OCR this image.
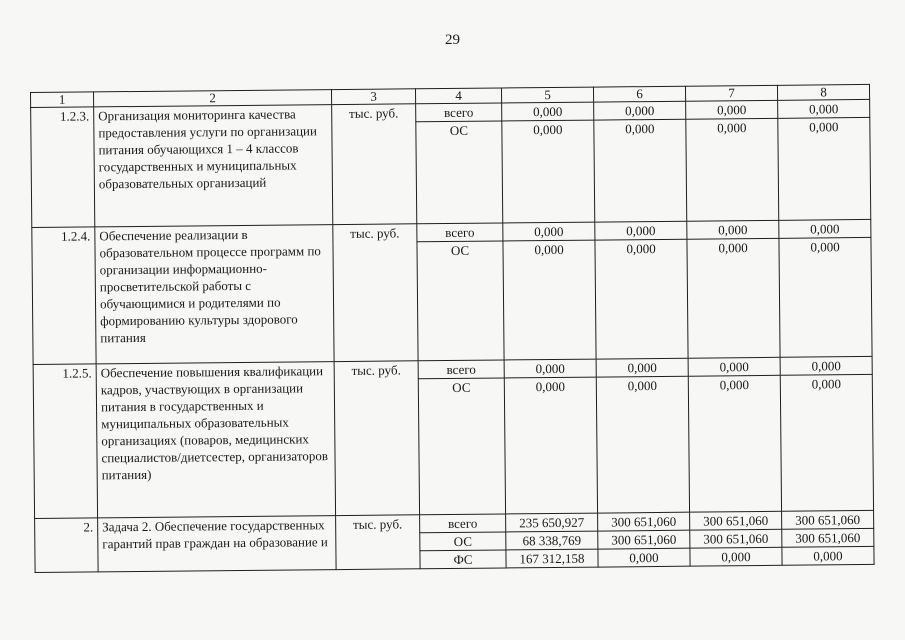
29
1	2	3	4	5	6	7	8
1.2.3.	Организация мониторинга качества предоставления услуги по организации питания обучающихся 1 – 4 классов государственных и муниципальных образовательных организаций	тыс. руб.	всего	0,000	0,000	0,000	0,000
			ОС	0,000	0,000	0,000	0,000
1.2.4.	Обеспечение реализации в образовательном процессе программ по организации информационно-просветительской работы с обучающимися и родителями по формированию культуры здорового питания	тыс. руб.	всего	0,000	0,000	0,000	0,000
			ОС	0,000	0,000	0,000	0,000
1.2.5.	Обеспечение повышения квалификации кадров, участвующих в организации питания в государственных и муниципальных образовательных организациях (поваров, медицинских специалистов/диетсестер, организаторов питания)	тыс. руб.	всего	0,000	0,000	0,000	0,000
			ОС	0,000	0,000	0,000	0,000
2.	Задача 2. Обеспечение государственных гарантий прав граждан на образование и	тыс. руб.	всего	235 650,927	300 651,060	300 651,060	300 651,060
			ОС	68 338,769	300 651,060	300 651,060	300 651,060
			ФС	167 312,158	0,000	0,000	0,000
